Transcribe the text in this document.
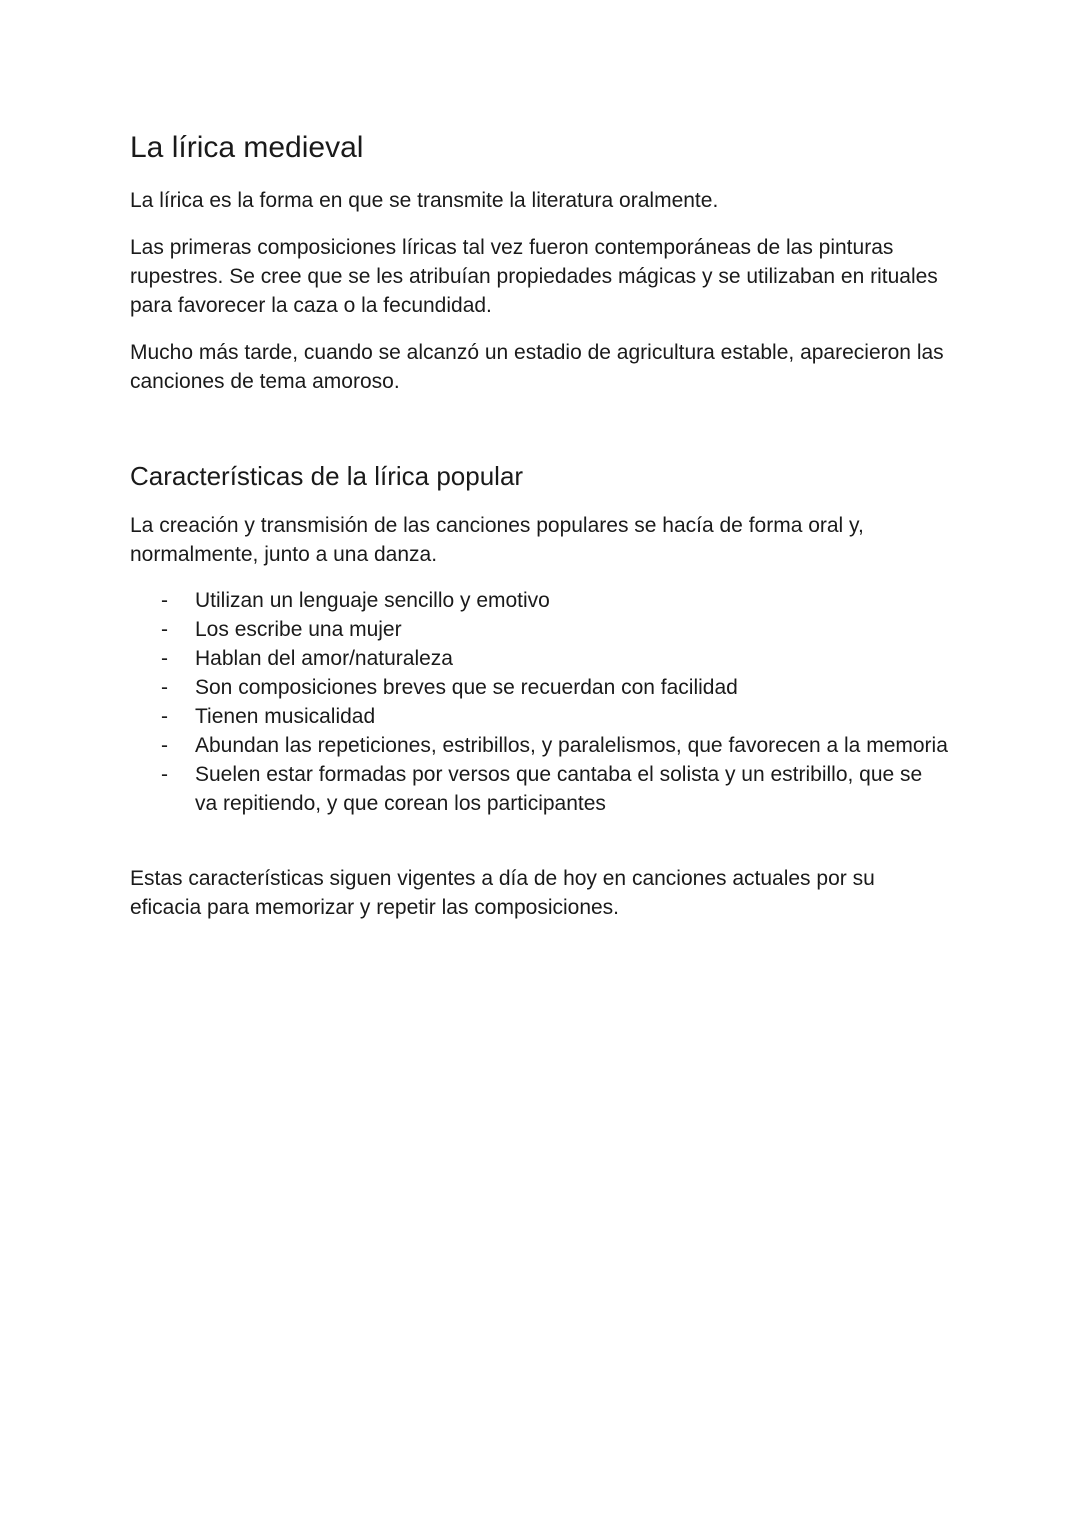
La lírica medieval

La lírica es la forma en que se transmite la literatura oralmente.

Las primeras composiciones líricas tal vez fueron contemporáneas de las pinturas rupestres. Se cree que se les atribuían propiedades mágicas y se utilizaban en rituales para favorecer la caza o la fecundidad.

Mucho más tarde, cuando se alcanzó un estadio de agricultura estable, aparecieron las canciones de tema amoroso.

Características de la lírica popular

La creación y transmisión de las canciones populares se hacía de forma oral y, normalmente, junto a una danza.

- Utilizan un lenguaje sencillo y emotivo
- Los escribe una mujer
- Hablan del amor/naturaleza
- Son composiciones breves que se recuerdan con facilidad
- Tienen musicalidad
- Abundan las repeticiones, estribillos, y paralelismos, que favorecen a la memoria
- Suelen estar formadas por versos que cantaba el solista y un estribillo, que se va repitiendo, y que corean los participantes

Estas características siguen vigentes a día de hoy en canciones actuales por su eficacia para memorizar y repetir las composiciones.
